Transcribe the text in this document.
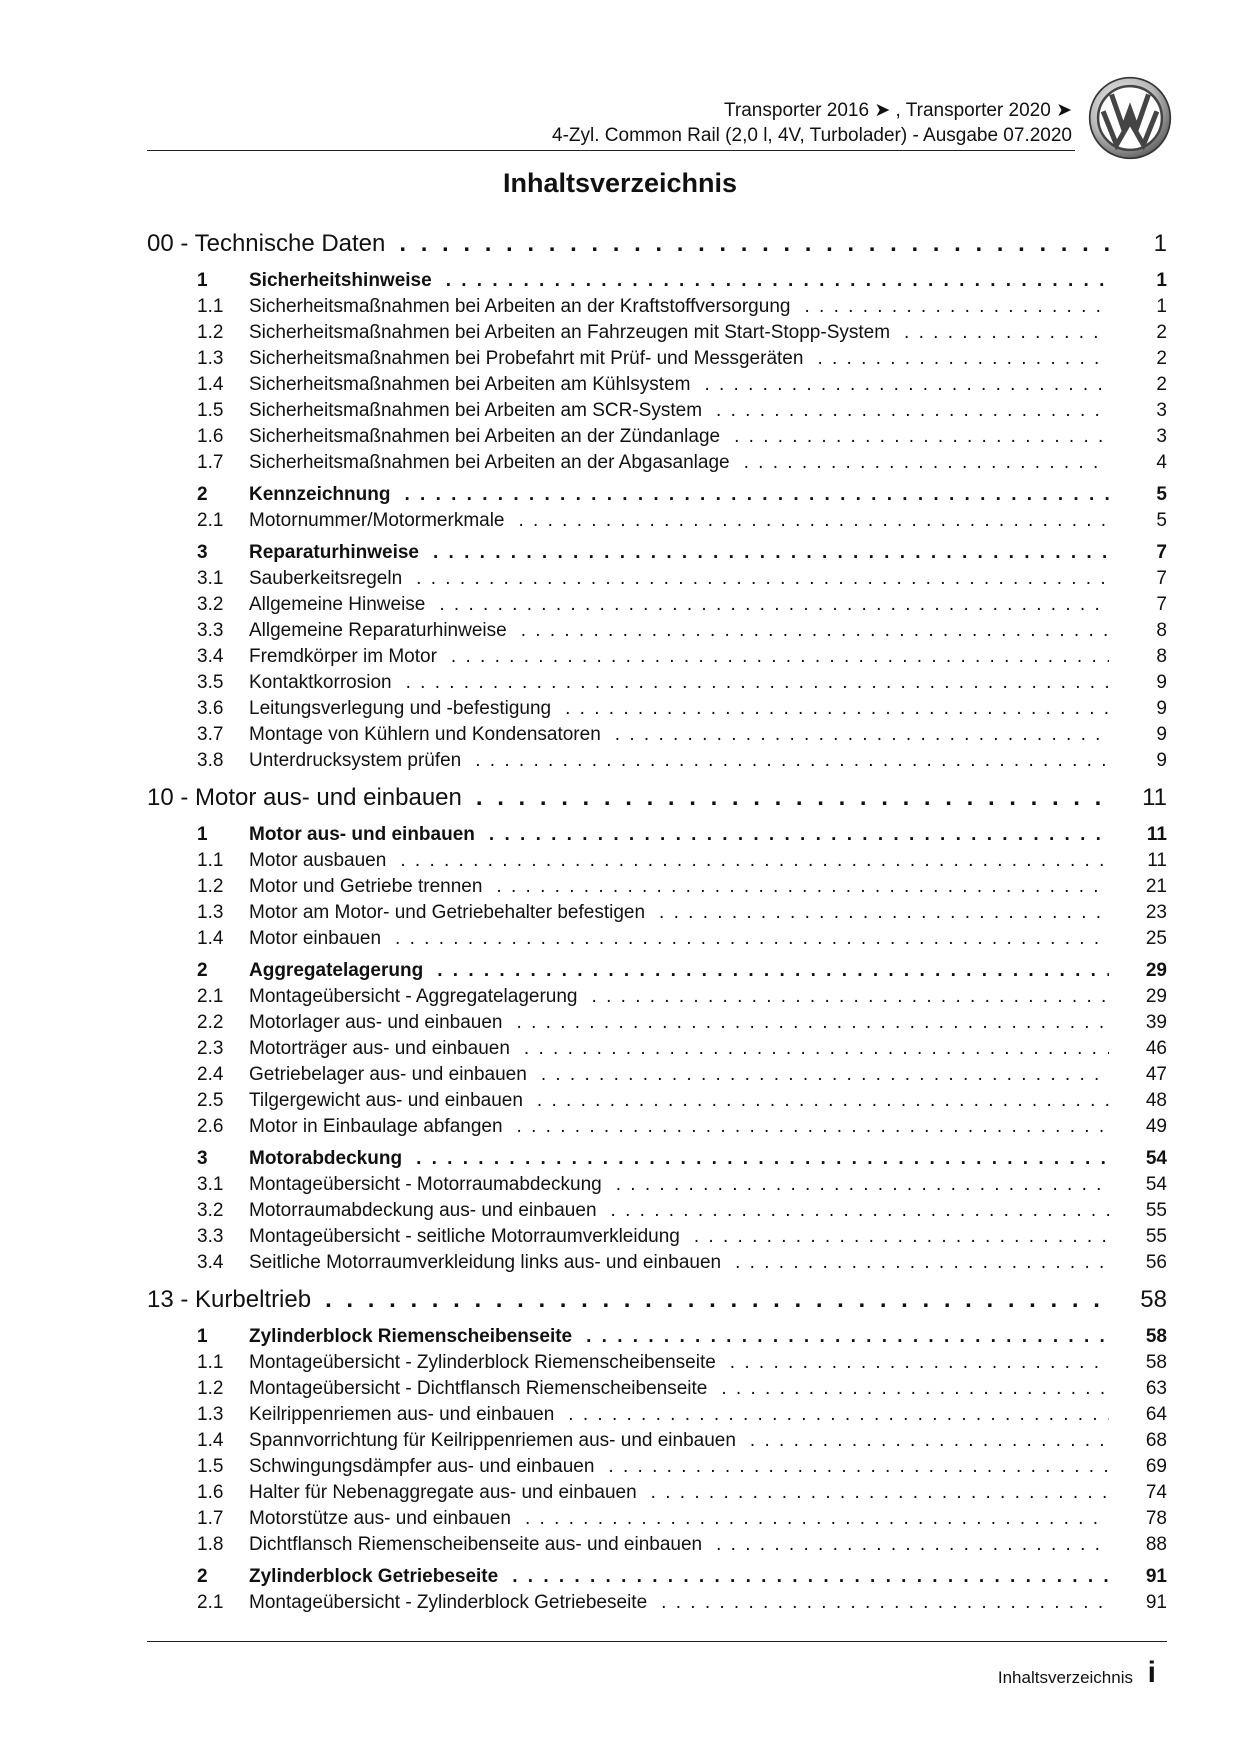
Transporter 2016 ➤ , Transporter 2020 ➤
4-Zyl. Common Rail (2,0 l, 4V, Turbolader) - Ausgabe 07.2020
Inhaltsverzeichnis
00 - Technische Daten . . .	1
1	Sicherheitshinweise . . .	1
1.1	Sicherheitsmaßnahmen bei Arbeiten an der Kraftstoffversorgung . . .	1
1.2	Sicherheitsmaßnahmen bei Arbeiten an Fahrzeugen mit Start-Stopp-System . . .	2
1.3	Sicherheitsmaßnahmen bei Probefahrt mit Prüf- und Messgeräten . . .	2
1.4	Sicherheitsmaßnahmen bei Arbeiten am Kühlsystem . . .	2
1.5	Sicherheitsmaßnahmen bei Arbeiten am SCR-System . . .	3
1.6	Sicherheitsmaßnahmen bei Arbeiten an der Zündanlage . . .	3
1.7	Sicherheitsmaßnahmen bei Arbeiten an der Abgasanlage . . .	4
2	Kennzeichnung . . .	5
2.1	Motornummer/Motormerkmale . . .	5
3	Reparaturhinweise . . .	7
3.1	Sauberkeitsregeln . . .	7
3.2	Allgemeine Hinweise . . .	7
3.3	Allgemeine Reparaturhinweise . . .	8
3.4	Fremdkörper im Motor . . .	8
3.5	Kontaktkorrosion . . .	9
3.6	Leitungsverlegung und -befestigung . . .	9
3.7	Montage von Kühlern und Kondensatoren . . .	9
3.8	Unterdrucksystem prüfen . . .	9
10 - Motor aus- und einbauen . . .	11
1	Motor aus- und einbauen . . .	11
1.1	Motor ausbauen . . .	11
1.2	Motor und Getriebe trennen . . .	21
1.3	Motor am Motor- und Getriebehalter befestigen . . .	23
1.4	Motor einbauen . . .	25
2	Aggregatelagerung . . .	29
2.1	Montageübersicht - Aggregatelagerung . . .	29
2.2	Motorlager aus- und einbauen . . .	39
2.3	Motorträger aus- und einbauen . . .	46
2.4	Getriebelager aus- und einbauen . . .	47
2.5	Tilgergewicht aus- und einbauen . . .	48
2.6	Motor in Einbaulage abfangen . . .	49
3	Motorabdeckung . . .	54
3.1	Montageübersicht - Motorraumabdeckung . . .	54
3.2	Motorraumabdeckung aus- und einbauen . . .	55
3.3	Montageübersicht - seitliche Motorraumverkleidung . . .	55
3.4	Seitliche Motorraumverkleidung links aus- und einbauen . . .	56
13 - Kurbeltrieb . . .	58
1	Zylinderblock Riemenscheibenseite . . .	58
1.1	Montageübersicht - Zylinderblock Riemenscheibenseite . . .	58
1.2	Montageübersicht - Dichtflansch Riemenscheibenseite . . .	63
1.3	Keilrippenriemen aus- und einbauen . . .	64
1.4	Spannvorrichtung für Keilrippenriemen aus- und einbauen . . .	68
1.5	Schwingungsdämpfer aus- und einbauen . . .	69
1.6	Halter für Nebenaggregate aus- und einbauen . . .	74
1.7	Motorstütze aus- und einbauen . . .	78
1.8	Dichtflansch Riemenscheibenseite aus- und einbauen . . .	88
2	Zylinderblock Getriebeseite . . .	91
2.1	Montageübersicht - Zylinderblock Getriebeseite . . .	91
Inhaltsverzeichnis i
